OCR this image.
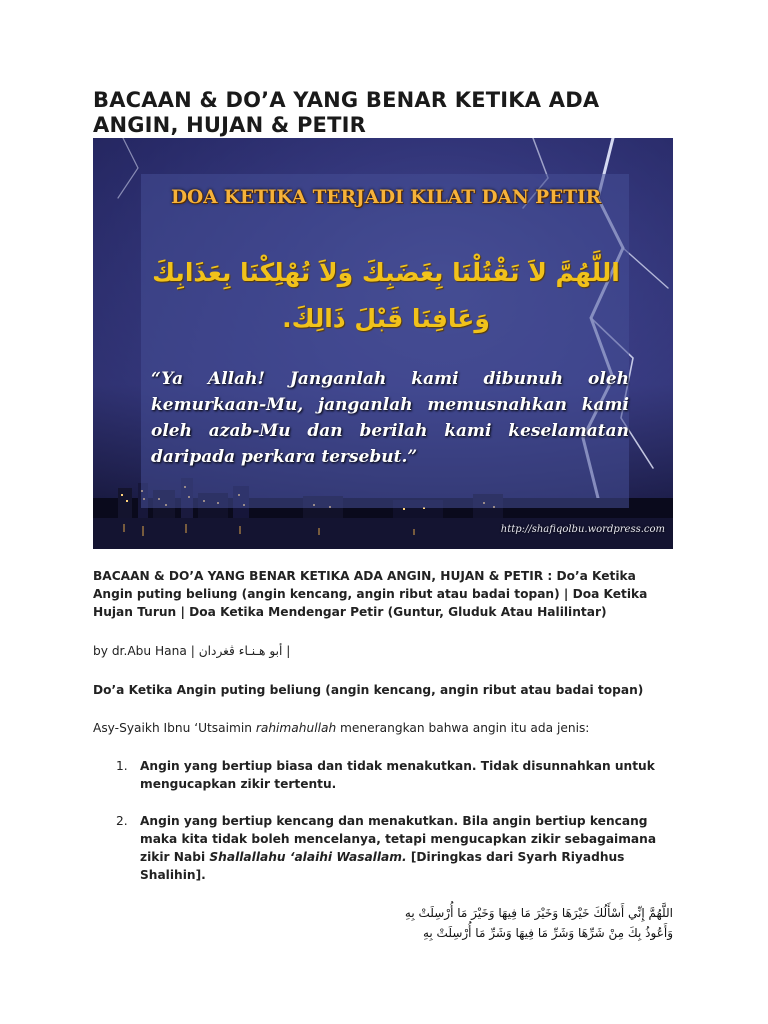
BACAAN & DO’A YANG BENAR KETIKA ADA ANGIN, HUJAN & PETIR
DOA KETIKA TERJADI KILAT DAN PETIR
اللَّهُمَّ لاَ تَقْتُلْنَا بِغَضَبِكَ وَلاَ تُهْلِكْنَا بِعَذَابِكَ وَعَافِنَا قَبْلَ ذَالِكَ.
“Ya Allah! Janganlah kami dibunuh oleh kemurkaan-Mu, janganlah memusnahkan kami oleh azab-Mu dan berilah kami keselamatan daripada perkara tersebut.”
http://shafiqolbu.wordpress.com

BACAAN & DO’A YANG BENAR KETIKA ADA ANGIN, HUJAN & PETIR : Do’a Ketika Angin puting beliung (angin kencang, angin ribut atau badai topan) | Doa Ketika Hujan Turun | Doa Ketika Mendengar Petir (Guntur, Gluduk Atau Halilintar)

by dr.Abu Hana | أبو هـنـاء ڤغردان |

Do’a Ketika Angin puting beliung (angin kencang, angin ribut atau badai topan)

Asy-Syaikh Ibnu ‘Utsaimin rahimahullah menerangkan bahwa angin itu ada jenis:

1. Angin yang bertiup biasa dan tidak menakutkan. Tidak disunnahkan untuk mengucapkan zikir tertentu.
2. Angin yang bertiup kencang dan menakutkan. Bila angin bertiup kencang maka kita tidak boleh mencelanya, tetapi mengucapkan zikir sebagaimana zikir Nabi Shallallahu ‘alaihi Wasallam. [Diringkas dari Syarh Riyadhus Shalihin].

اللَّهُمَّ إِنِّي أَسْأَلُكَ خَيْرَهَا وَخَيْرَ مَا فِيهَا وَخَيْرَ مَا أُرْسِلَتْ بِهِ

وَأَعُوذُ بِكَ مِنْ شَرِّهَا وَشَرِّ مَا فِيهَا وَشَرِّ مَا أُرْسِلَتْ بِهِ
